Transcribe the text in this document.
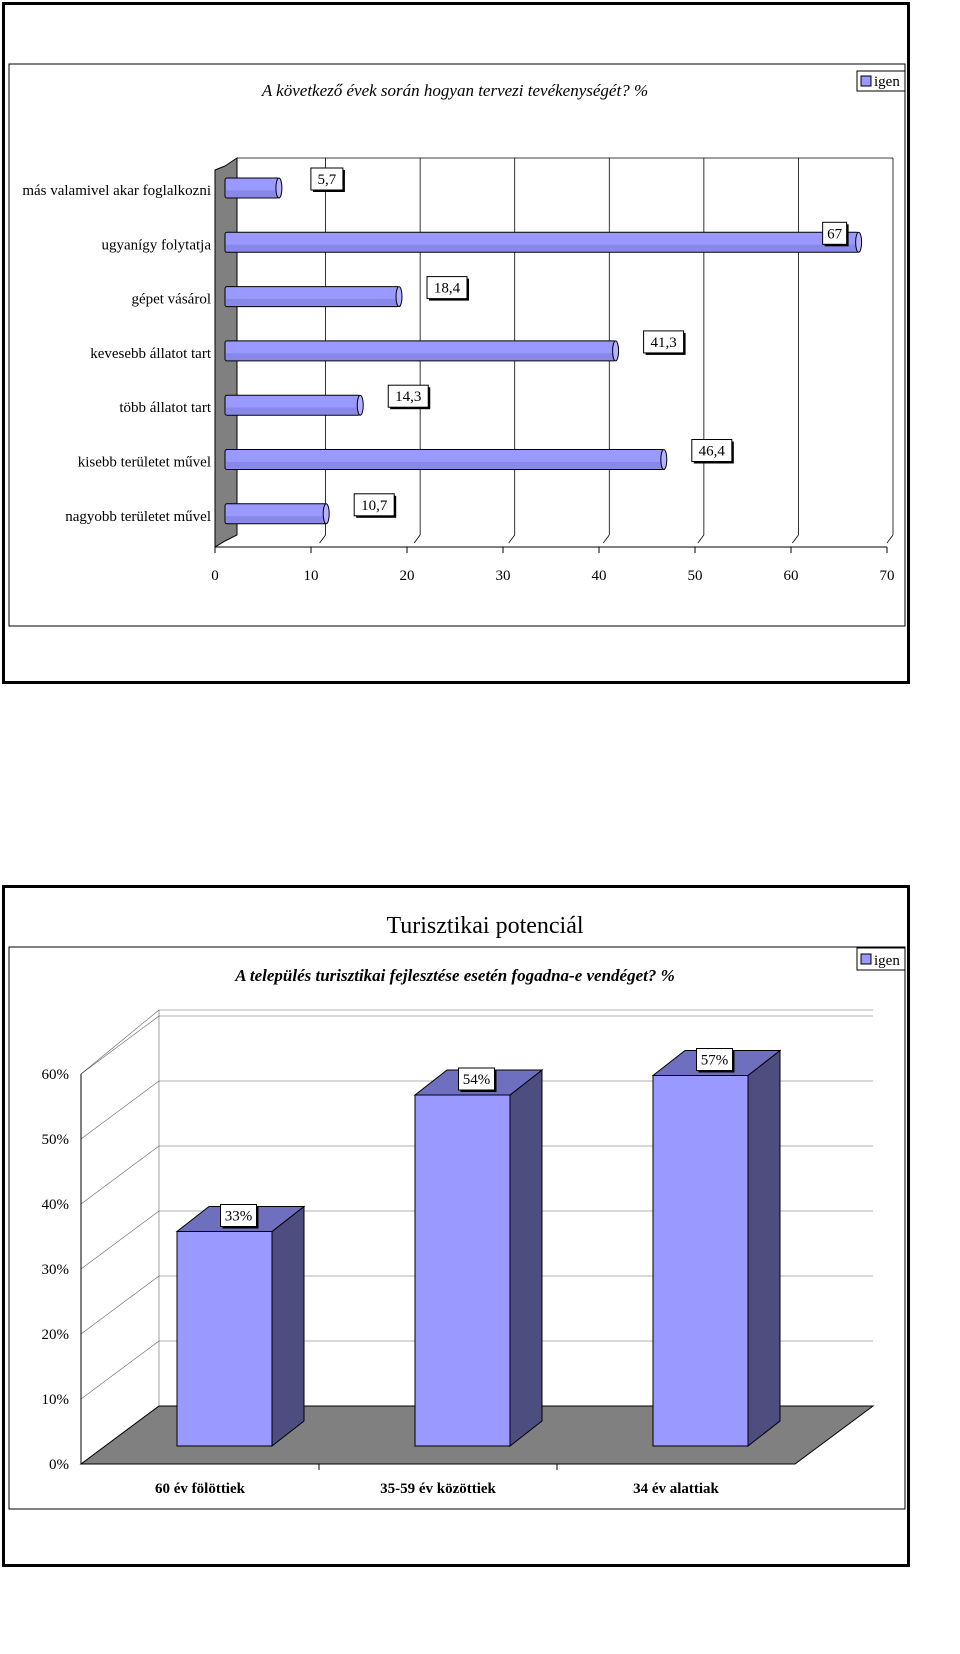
A következő évek során hogyan tervezi tevékenységét? %	igen
0	10	20	30	40	50	60	70
más valamivel akar foglalkozni
5,7
ugyanígy folytatja
67
gépet vásárol
18,4
kevesebb állatot tart
41,3
több állatot tart
14,3
kisebb területet művel
46,4
nagyobb területet művel
10,7
Turisztikai potenciál
A település turisztikai fejlesztése esetén fogadna-e vendéget? %
igen
0%
10%
20%
30%
40%
50%
60%
33%
60 év fölöttiek
54%
35-59 év közöttiek
57%
34 év alattiak
